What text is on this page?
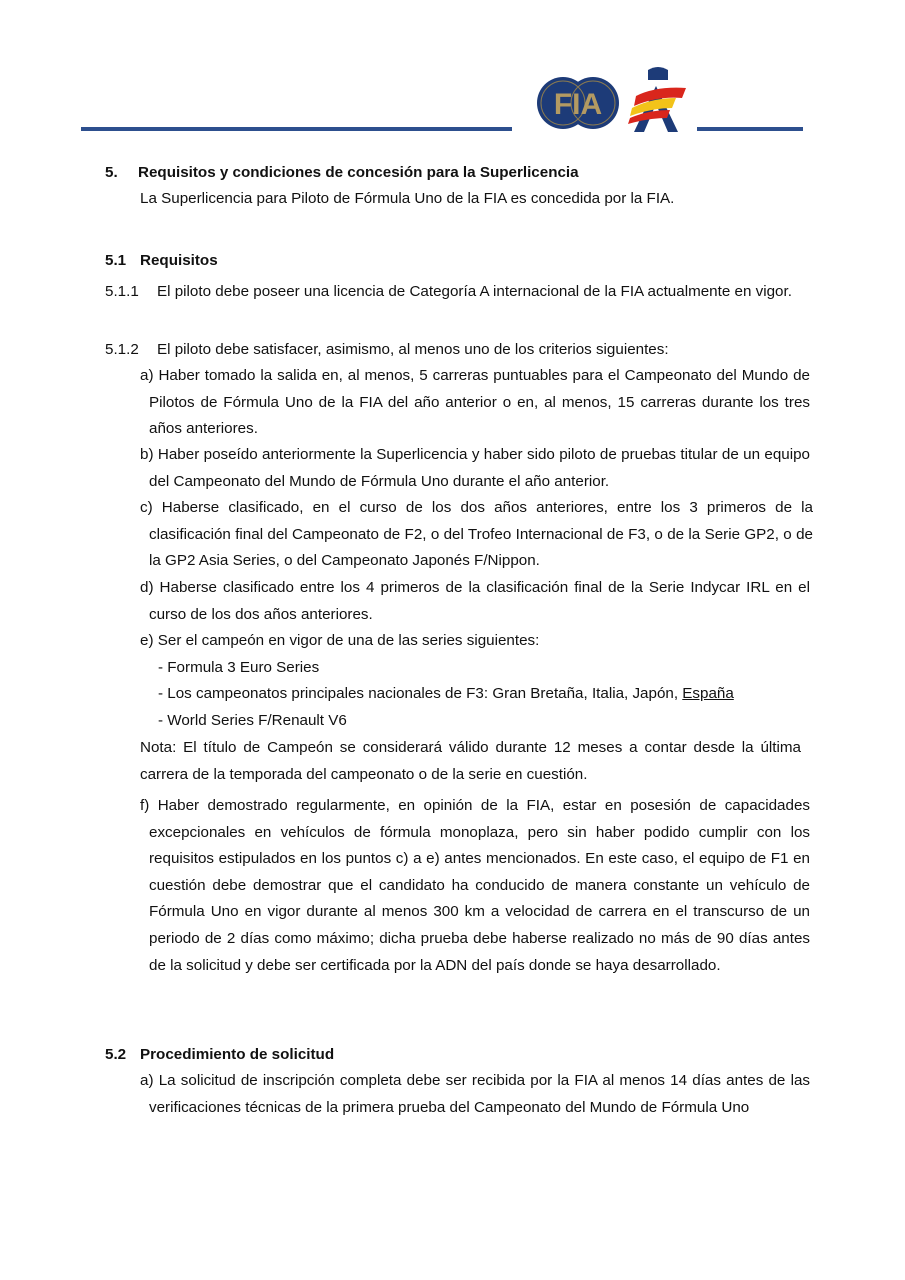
FIA
5. Requisitos y condiciones de concesión para la Superlicencia
La Superlicencia para Piloto de Fórmula Uno de la FIA es concedida por la FIA.
5.1 Requisitos
5.1.1 El piloto debe poseer una licencia de Categoría A internacional de la FIA actualmente en vigor.
5.1.2 El piloto debe satisfacer, asimismo, al menos uno de los criterios siguientes:
a) Haber tomado la salida en, al menos, 5 carreras puntuables para el Campeonato del Mundo de Pilotos de Fórmula Uno de la FIA del año anterior o en, al menos, 15 carreras durante los tres años anteriores.
b) Haber poseído anteriormente la Superlicencia y haber sido piloto de pruebas titular de un equipo del Campeonato del Mundo de Fórmula Uno durante el año anterior.
c) Haberse clasificado, en el curso de los dos años anteriores, entre los 3 primeros de la clasificación final del Campeonato de F2, o del Trofeo Internacional de F3, o de la Serie GP2, o de la GP2 Asia Series, o del Campeonato Japonés F/Nippon.
d) Haberse clasificado entre los 4 primeros de la clasificación final de la Serie Indycar IRL en el curso de los dos años anteriores.
e) Ser el campeón en vigor de una de las series siguientes:
- Formula 3 Euro Series
- Los campeonatos principales nacionales de F3: Gran Bretaña, Italia, Japón, España
- World Series F/Renault V6
Nota: El título de Campeón se considerará válido durante 12 meses a contar desde la última carrera de la temporada del campeonato o de la serie en cuestión.
f) Haber demostrado regularmente, en opinión de la FIA, estar en posesión de capacidades excepcionales en vehículos de fórmula monoplaza, pero sin haber podido cumplir con los requisitos estipulados en los puntos c) a e) antes mencionados. En este caso, el equipo de F1 en cuestión debe demostrar que el candidato ha conducido de manera constante un vehículo de Fórmula Uno en vigor durante al menos 300 km a velocidad de carrera en el transcurso de un periodo de 2 días como máximo; dicha prueba debe haberse realizado no más de 90 días antes de la solicitud y debe ser certificada por la ADN del país donde se haya desarrollado.
5.2 Procedimiento de solicitud
a) La solicitud de inscripción completa debe ser recibida por la FIA al menos 14 días antes de las verificaciones técnicas de la primera prueba del Campeonato del Mundo de Fórmula Uno
